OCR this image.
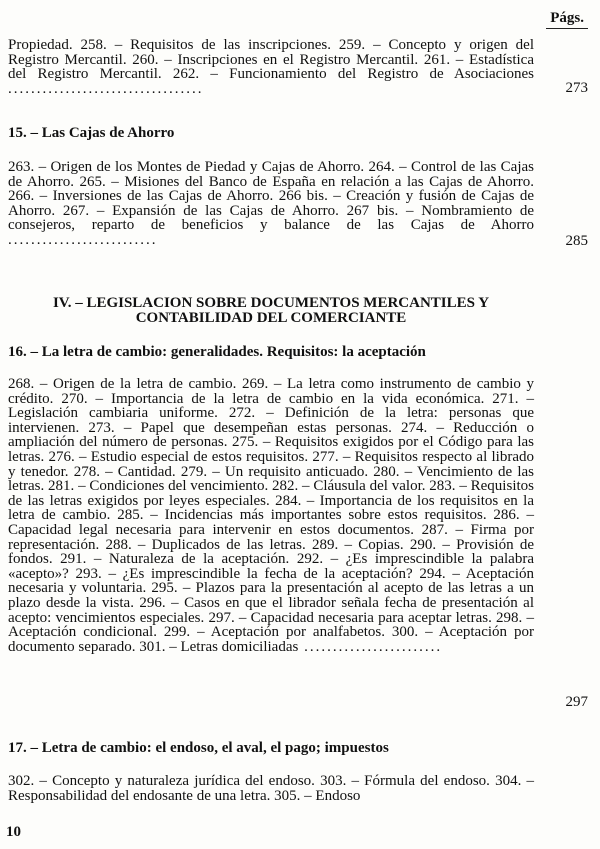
Págs.
Propiedad. 258. – Requisitos de las inscripciones. 259. – Concepto y origen del Registro Mercantil. 260. – Inscripciones en el Registro Mercantil. 261. – Estadística del Registro Mercantil. 262. – Funcionamiento del Registro de Asociaciones ..................................	273
15. – Las Cajas de Ahorro
263. – Origen de los Montes de Piedad y Cajas de Ahorro. 264. – Control de las Cajas de Ahorro. 265. – Misiones del Banco de España en relación a las Cajas de Ahorro. 266. – Inversiones de las Cajas de Ahorro. 266 bis. – Creación y fusión de Cajas de Ahorro. 267. – Expansión de las Cajas de Ahorro. 267 bis. – Nombramiento de consejeros, reparto de beneficios y balance de las Cajas de Ahorro ..........................	285
IV. – LEGISLACION SOBRE DOCUMENTOS MERCANTILES Y
CONTABILIDAD DEL COMERCIANTE
16. – La letra de cambio: generalidades. Requisitos: la aceptación
268. – Origen de la letra de cambio. 269. – La letra como instrumento de cambio y crédito. 270. – Importancia de la letra de cambio en la vida económica. 271. – Legislación cambiaria uniforme. 272. – Definición de la letra: personas que intervienen. 273. – Papel que desempeñan estas personas. 274. – Reducción o ampliación del número de personas. 275. – Requisitos exigidos por el Código para las letras. 276. – Estudio especial de estos requisitos. 277. – Requisitos respecto al librado y tenedor. 278. – Cantidad. 279. – Un requisito anticuado. 280. – Vencimiento de las letras. 281. – Condiciones del vencimiento. 282. – Cláusula del valor. 283. – Requisitos de las letras exigidos por leyes especiales. 284. – Importancia de los requisitos en la letra de cambio. 285. – Incidencias más importantes sobre estos requisitos. 286. – Capacidad legal necesaria para intervenir en estos documentos. 287. – Firma por representación. 288. – Duplicados de las letras. 289. – Copias. 290. – Provisión de fondos. 291. – Naturaleza de la aceptación. 292. – ¿Es imprescindible la palabra «acepto»? 293. – ¿Es imprescindible la fecha de la aceptación? 294. – Aceptación necesaria y voluntaria. 295. – Plazos para la presentación al acepto de las letras a un plazo desde la vista. 296. – Casos en que el librador señala fecha de presentación al acepto: vencimientos especiales. 297. – Capacidad necesaria para aceptar letras. 298. – Aceptación condicional. 299. – Aceptación por analfabetos. 300. – Aceptación por documento separado. 301. – Letras domiciliadas ........................
297
17. – Letra de cambio: el endoso, el aval, el pago; impuestos
302. – Concepto y naturaleza jurídica del endoso. 303. – Fórmula del endoso. 304. – Responsabilidad del endosante de una letra. 305. – Endoso
10
